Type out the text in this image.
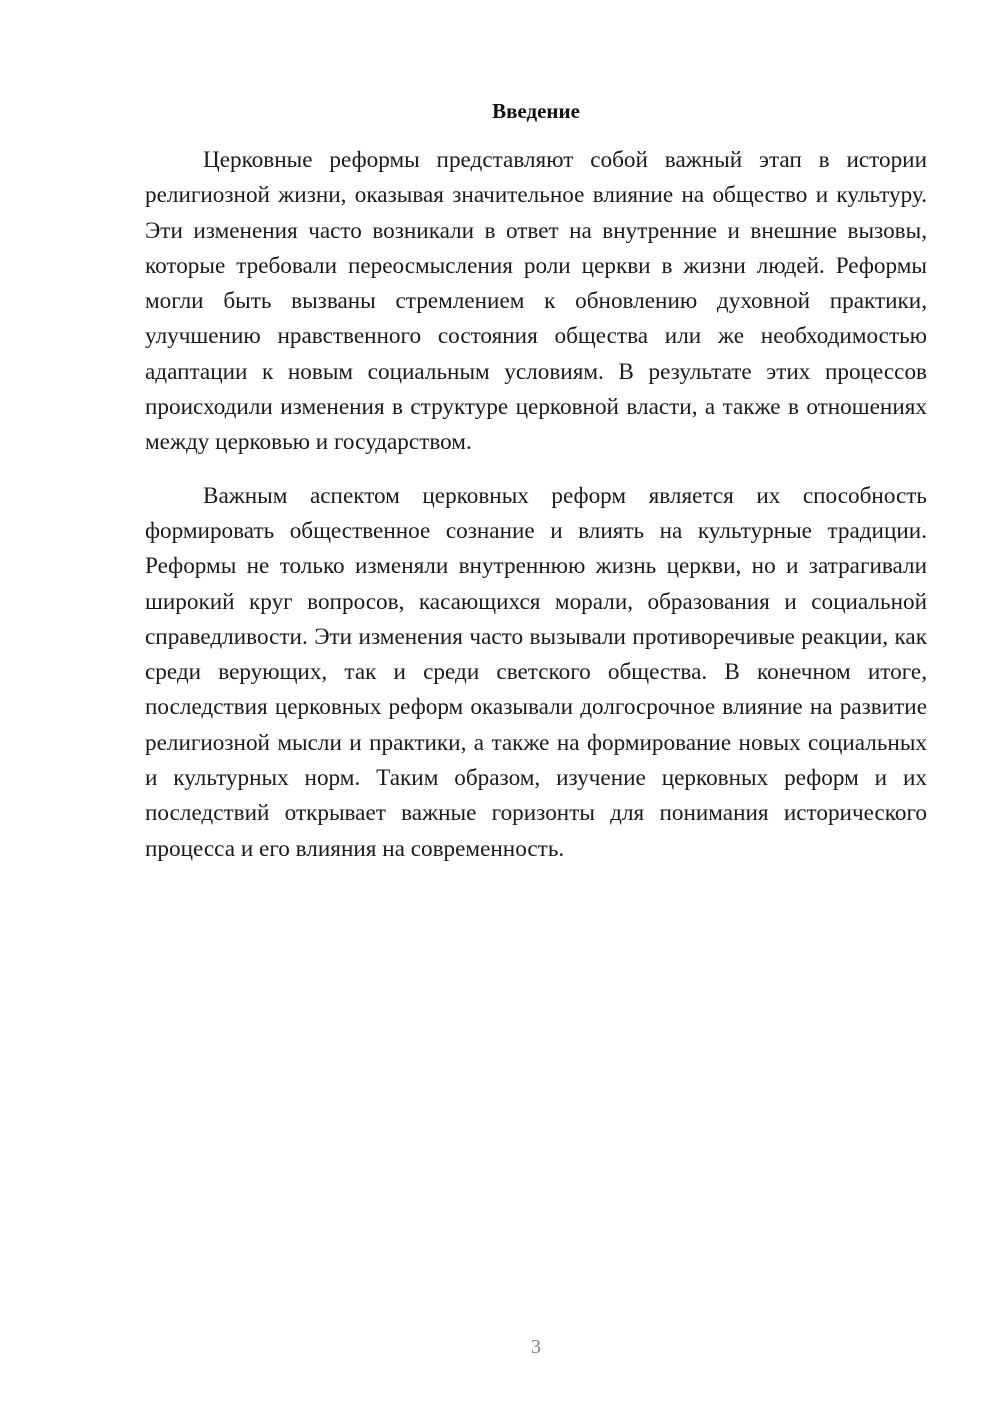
Введение

Церковные реформы представляют собой важный этап в истории религиозной жизни, оказывая значительное влияние на общество и культуру. Эти изменения часто возникали в ответ на внутренние и внешние вызовы, которые требовали переосмысления роли церкви в жизни людей. Реформы могли быть вызваны стремлением к обновлению духовной практики, улучшению нравственного состояния общества или же необходимостью адаптации к новым социальным условиям. В результате этих процессов происходили изменения в структуре церковной власти, а также в отношениях между церковью и государством.

Важным аспектом церковных реформ является их способность формировать общественное сознание и влиять на культурные традиции. Реформы не только изменяли внутреннюю жизнь церкви, но и затрагивали широкий круг вопросов, касающихся морали, образования и социальной справедливости. Эти изменения часто вызывали противоречивые реакции, как среди верующих, так и среди светского общества. В конечном итоге, последствия церковных реформ оказывали долгосрочное влияние на развитие религиозной мысли и практики, а также на формирование новых социальных и культурных норм. Таким образом, изучение церковных реформ и их последствий открывает важные горизонты для понимания исторического процесса и его влияния на современность.

3
